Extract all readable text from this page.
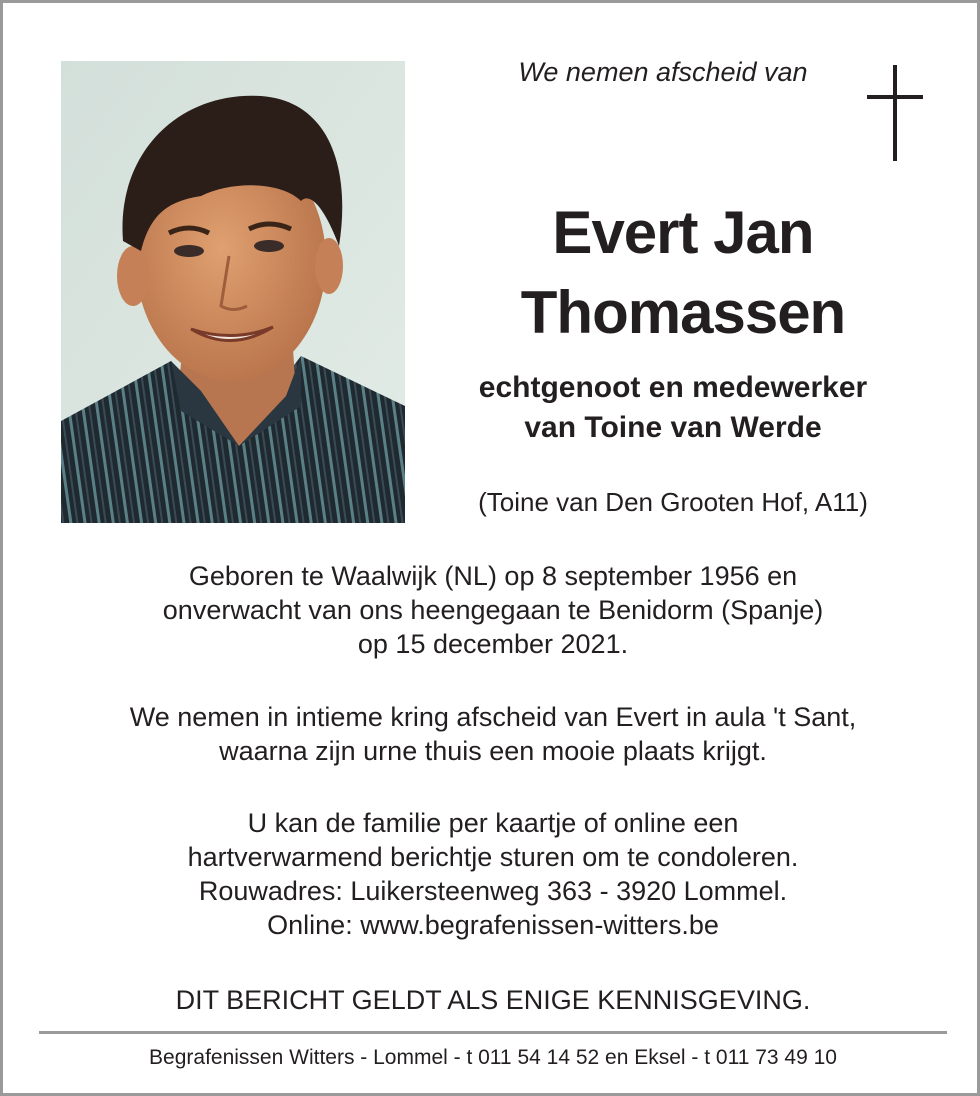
We nemen afscheid van
Evert Jan
Thomassen
echtgenoot en medewerker
van Toine van Werde
(Toine van Den Grooten Hof, A11)
Geboren te Waalwijk (NL) op 8 september 1956 en
onverwacht van ons heengegaan te Benidorm (Spanje)
op 15 december 2021.
We nemen in intieme kring afscheid van Evert in aula 't Sant,
waarna zijn urne thuis een mooie plaats krijgt.
U kan de familie per kaartje of online een
hartverwarmend berichtje sturen om te condoleren.
Rouwadres: Luikersteenweg 363 - 3920 Lommel.
Online: www.begrafenissen-witters.be
DIT BERICHT GELDT ALS ENIGE KENNISGEVING.
Begrafenissen Witters - Lommel - t 011 54 14 52 en Eksel - t 011 73 49 10
